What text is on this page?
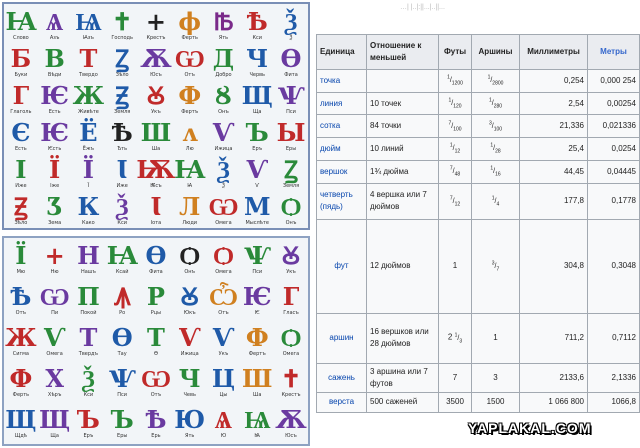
…| |..|:||...|..||...
Ꙗ
Слово
Ѧ
Азъ
Ѩ
Ꙗзъ
✝
Господь
+
Крестъ
ϕ
Ферть
Ꙓ
Ять
Ѣ
Кси
Ѯ
Ѯ
Б
Буки
В
Вѣди
Т
Твердо
Ꙁ
Зѣло
Ѫ
Юсъ
Ѡ
Отъ
Д
Добро
Ч
Червь
Ѳ
Фита
Г
Глаголь
Ѥ
Есть
Ж
Живѣте
Ꙃ
Земля
Ꙋ
Укъ
Ф
Фертъ
Ȣ
Онъ
Щ
Ща
Ѱ
Пси
Є
Есть
Ѥ
Ѥсть
Ё
Ёжъ
Ѣ
Ѣть
Ш
Ша
ʌ
Лю
Ѵ
Ижица
Ъ
Еръ
Ы
Еры
І
Иже
Ї
Іже
Ї
Ї
Ꙇ
Иже
Ѭ
Ѭсъ
Ꙗ
Ꙗ
Ѯ
Ѯ
Ѵ
Ѵ
Ꙁ
Земля
Ꙃ
Зѣло
Ʒ
Зема
К
Како
Ѯ
Кси
Ꙇ
Іота
Л
Люди
Ѡ
Омега
М
Мыслѣте
Ѻ
Онъ
Ї
Мю
+
Ню
Н
Нашъ
Ꙗ
Ксай
Ѳ
Фита
Ѻ
Онъ
Ѻ
Омега
Ѱ
Пси
Ꙋ
Укъ
Ѣ
Отъ
Ѡ
Пи
Π
Покой
Ꙟ
Ро
Р
Рцы
Ꙋ
Юкъ
Ѽ
Отъ
Ѥ
Ѥ
Г
Гласъ
Ж
Сигма
Ѵ
Омега
Т
Твердъ
Ѳ
Тау
Т
Ѳ
Ѵ
Ижица
Ѵ
Укъ
Ф
Фертъ
Ѻ
Омега
Ф
Ферть
Х
Хѣръ
Ѯ
Кси
Ѱ
Пси
Ѡ
Отъ
Ч
Чевь
Ц
Цы
Ш
Ша
✝
Крестъ
Щ
Щдѣ
Щ
Ща
Ъ
Еръ
Ъ
Еры
Ѣ
Ерь
Ю
Ять
Ѧ
Ю
Ѩ
Ѩ
Ѫ
Юсъ
Единица	Отношение к меньшей	Футы	Аршины	Миллиметры	Метры
точка		$^1/_{1200}$	$^1/_{2800}$	0,254	0,000 254
линия	10 точек	$^1/_{120}$	$^1/_{280}$	2,54	0,00254
сотка	84 точки	$^7/_{100}$	$^3/_{100}$	21,336	0,021336
дюйм	10 линий	$^1/_{12}$	$^1/_{28}$	25,4	0,0254
вершок	1¾ дюйма	$^7/_{48}$	$^1/_{16}$	44,45	0,04445
четверть (пядь)	4 вершка или 7 дюймов	$^7/_{12}$	$^1/_4$	177,8	0,1778
фут	12 дюймов	1	$^3/_7$	304,8	0,3048
аршин	16 вершков или 28 дюймов	2 $^1/_3$	1	711,2	0,7112
сажень	3 аршина или 7 футов	7	3	2133,6	2,1336
верста	500 саженей	3500	1500	1 066 800	1066,8
YAPLAKAL.COM
